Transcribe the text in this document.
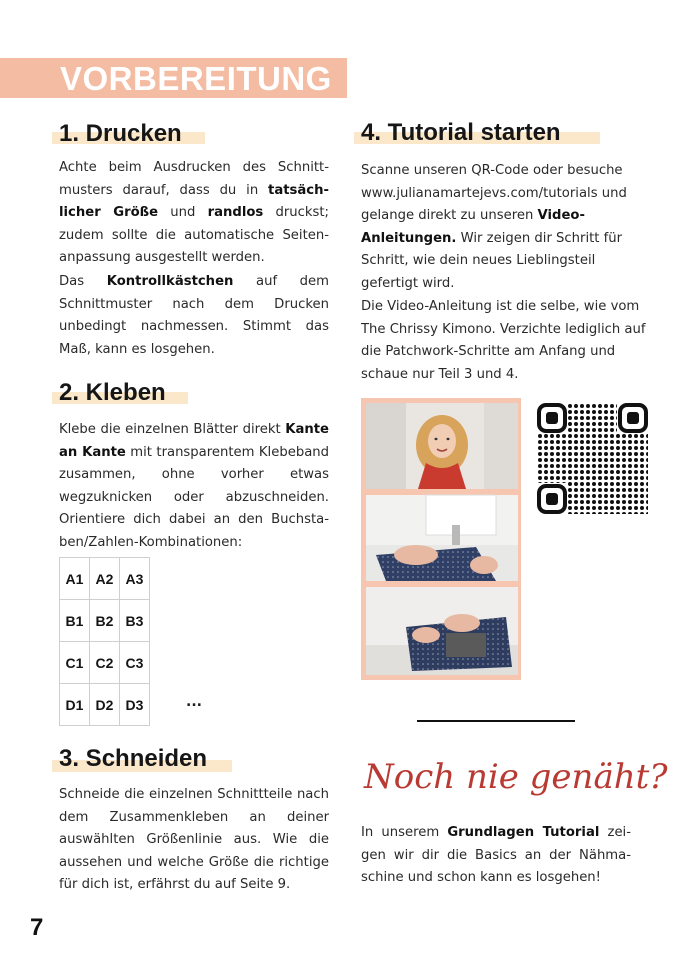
VORBEREITUNG
1. Drucken
Achte beim Ausdrucken des Schnittmusters darauf, dass du in tatsächlicher Größe und randlos druckst; zudem sollte die automatische Seitenanpassung ausgestellt werden.
Das Kontrollkästchen auf dem Schnittmuster nach dem Drucken unbedingt nachmessen. Stimmt das Maß, kann es losgehen.
2. Kleben
Klebe die einzelnen Blätter direkt Kante an Kante mit transparentem Klebeband zusammen, ohne vorher etwas wegzuknicken oder abzuschneiden. Orientiere dich dabei an den Buchstaben/Zahlen-Kombinationen:
A1	A2	A3
B1	B2	B3
C1	C2	C3
D1	D2	D3	...
3. Schneiden
Schneide die einzelnen Schnittteile nach dem Zusammenkleben an deiner auswählten Größenlinie aus. Wie die aussehen und welche Größe die richtige für dich ist, erfährst du auf Seite 9.
4. Tutorial starten
Scanne unseren QR-Code oder besuche www.julianamartejevs.com/tutorials und gelange direkt zu unseren Video-Anleitungen. Wir zeigen dir Schritt für Schritt, wie dein neues Lieblingsteil gefertigt wird.
Die Video-Anleitung ist die selbe, wie vom The Chrissy Kimono. Verzichte lediglich auf die Patchwork-Schritte am Anfang und schaue nur Teil 3 und 4.
Noch nie genäht?
In unserem Grundlagen Tutorial zeigen wir dir die Basics an der Nähmaschine und schon kann es losgehen!
7
